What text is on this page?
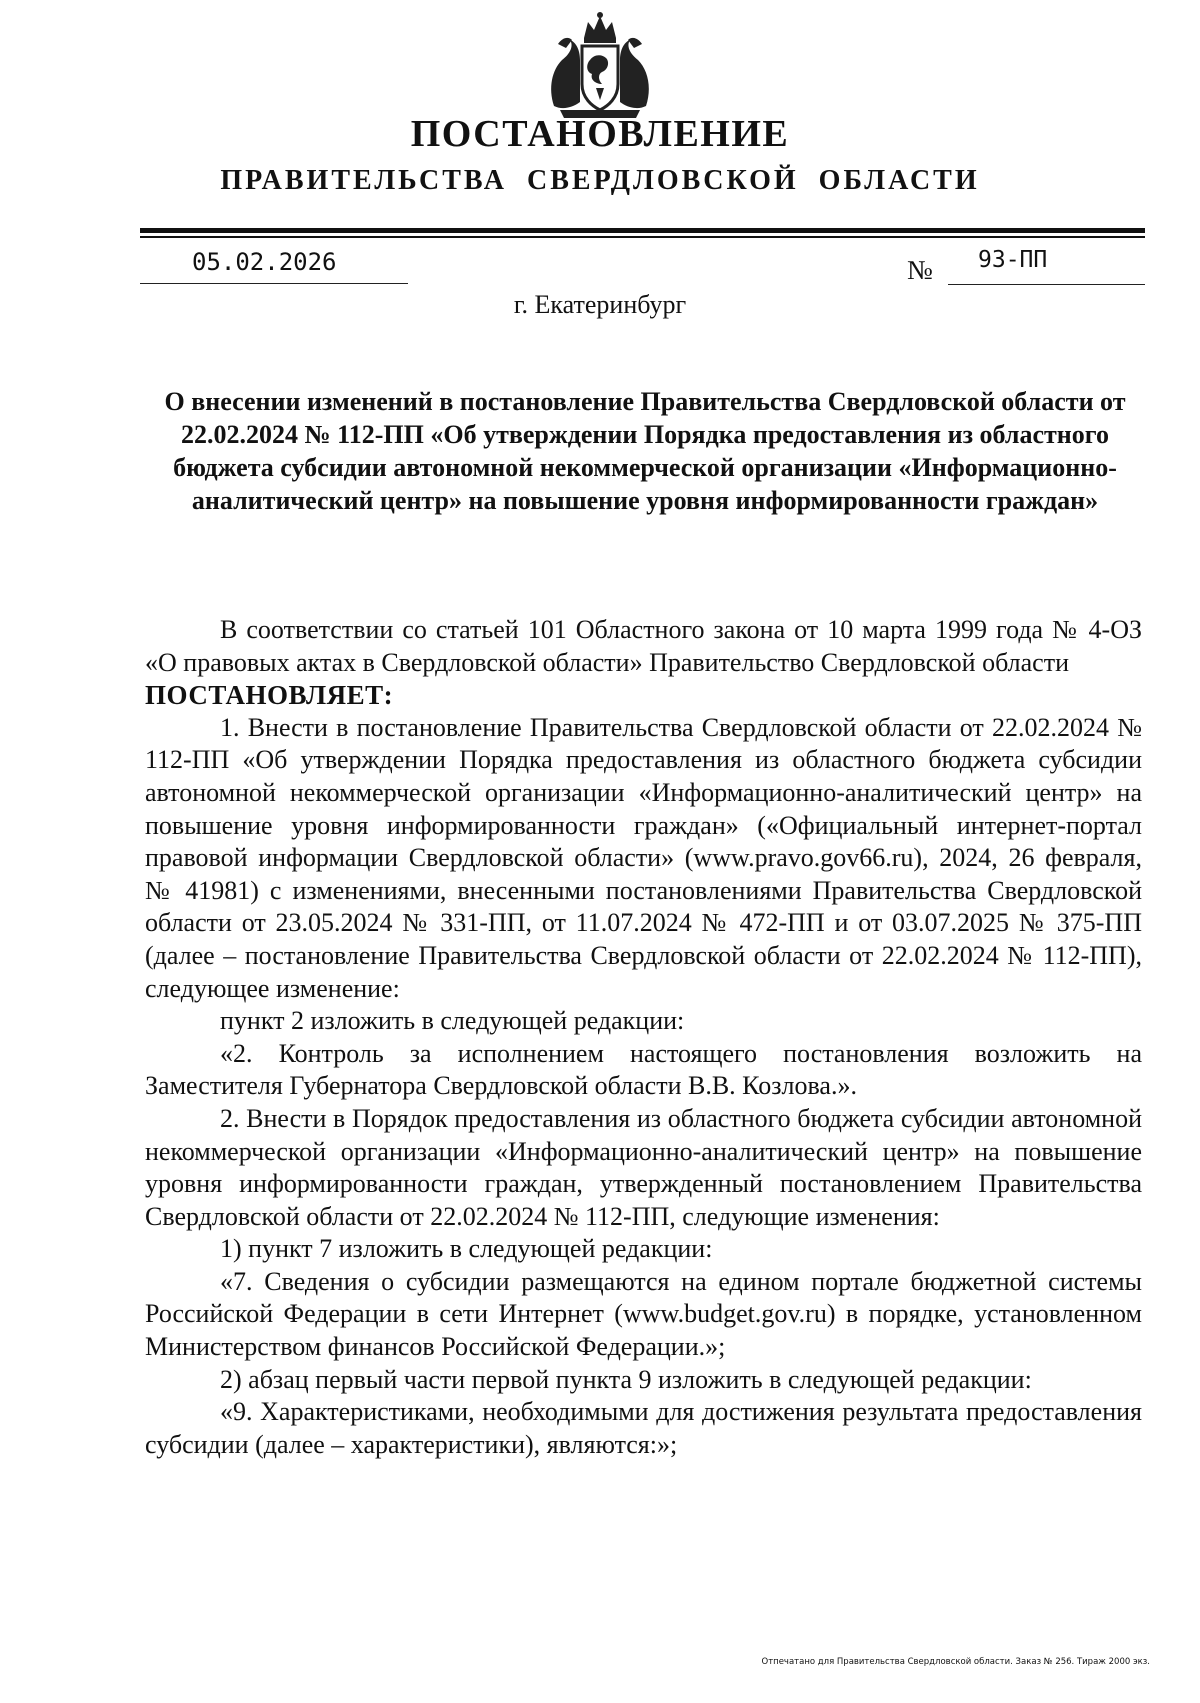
ПОСТАНОВЛЕНИЕ
ПРАВИТЕЛЬСТВА СВЕРДЛОВСКОЙ ОБЛАСТИ
05.02.2026	№ 93-ПП
г. Екатеринбург
О внесении изменений в постановление Правительства Свердловской области от 22.02.2024 № 112-ПП «Об утверждении Порядка предоставления из областного бюджета субсидии автономной некоммерческой организации «Информационно-аналитический центр» на повышение уровня информированности граждан»

В соответствии со статьей 101 Областного закона от 10 марта 1999 года № 4-ОЗ «О правовых актах в Свердловской области» Правительство Свердловской области

ПОСТАНОВЛЯЕТ:

1. Внести в постановление Правительства Свердловской области от 22.02.2024 № 112-ПП «Об утверждении Порядка предоставления из областного бюджета субсидии автономной некоммерческой организации «Информационно-аналитический центр» на повышение уровня информированности граждан» («Официальный интернет-портал правовой информации Свердловской области» (www.pravo.gov66.ru), 2024, 26 февраля, № 41981) с изменениями, внесенными постановлениями Правительства Свердловской области от 23.05.2024 № 331-ПП, от 11.07.2024 № 472-ПП и от 03.07.2025 № 375-ПП (далее – постановление Правительства Свердловской области от 22.02.2024 № 112-ПП), следующее изменение:

пункт 2 изложить в следующей редакции:

«2. Контроль за исполнением настоящего постановления возложить на Заместителя Губернатора Свердловской области В.В. Козлова.».

2. Внести в Порядок предоставления из областного бюджета субсидии автономной некоммерческой организации «Информационно-аналитический центр» на повышение уровня информированности граждан, утвержденный постановлением Правительства Свердловской области от 22.02.2024 № 112-ПП, следующие изменения:

1) пункт 7 изложить в следующей редакции:

«7. Сведения о субсидии размещаются на едином портале бюджетной системы Российской Федерации в сети Интернет (www.budget.gov.ru) в порядке, установленном Министерством финансов Российской Федерации.»;

2) абзац первый части первой пункта 9 изложить в следующей редакции:

«9. Характеристиками, необходимыми для достижения результата предоставления субсидии (далее – характеристики), являются:»;

Отпечатано для Правительства Свердловской области. Заказ № 256. Тираж 2000 экз.
